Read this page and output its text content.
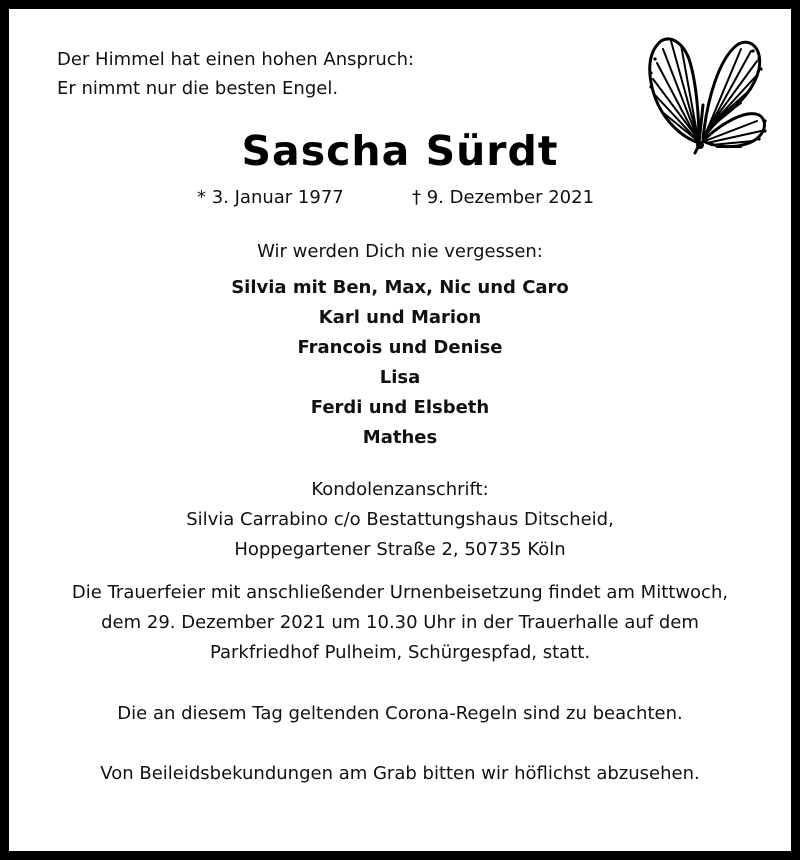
Der Himmel hat einen hohen Anspruch:
Er nimmt nur die besten Engel.
Sascha Sürdt
* 3. Januar 1977	† 9. Dezember 2021
Wir werden Dich nie vergessen:
Silvia mit Ben, Max, Nic und Caro
Karl und Marion
Francois und Denise
Lisa
Ferdi und Elsbeth
Mathes
Kondolenzanschrift:
Silvia Carrabino c/o Bestattungshaus Ditscheid,
Hoppegartener Straße 2, 50735 Köln
Die Trauerfeier mit anschließender Urnenbeisetzung findet am Mittwoch,
dem 29. Dezember 2021 um 10.30 Uhr in der Trauerhalle auf dem
Parkfriedhof Pulheim, Schürgespfad, statt.
Die an diesem Tag geltenden Corona-Regeln sind zu beachten.
Von Beileidsbekundungen am Grab bitten wir höflichst abzusehen.
